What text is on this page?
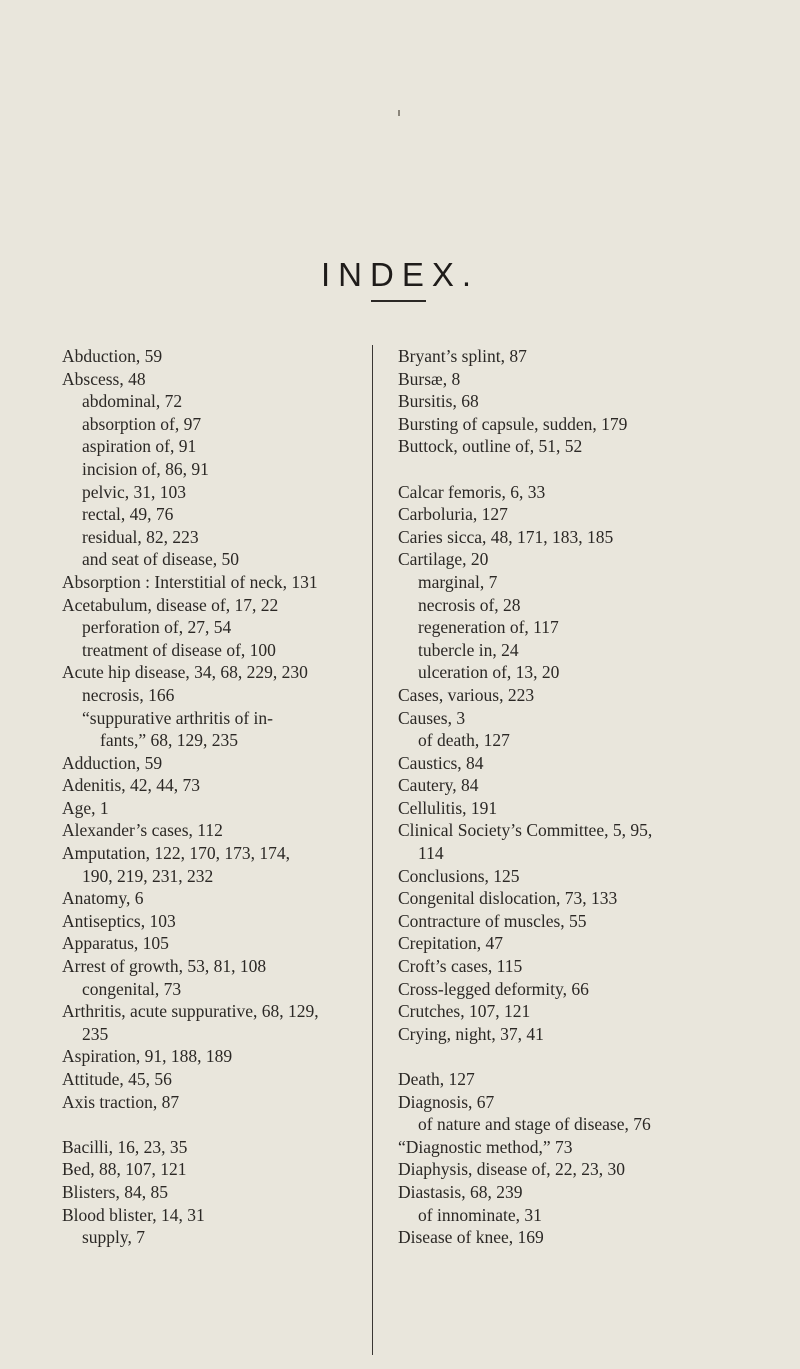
INDEX.
Abduction, 59
Abscess, 48
abdominal, 72
absorption of, 97
aspiration of, 91
incision of, 86, 91
pelvic, 31, 103
rectal, 49, 76
residual, 82, 223
and seat of disease, 50
Absorption : Interstitial of neck, 131
Acetabulum, disease of, 17, 22
perforation of, 27, 54
treatment of disease of, 100
Acute hip disease, 34, 68, 229, 230
necrosis, 166
“suppurative arthritis of in-
fants,” 68, 129, 235
Adduction, 59
Adenitis, 42, 44, 73
Age, 1
Alexander’s cases, 112
Amputation, 122, 170, 173, 174,
190, 219, 231, 232
Anatomy, 6
Antiseptics, 103
Apparatus, 105
Arrest of growth, 53, 81, 108
congenital, 73
Arthritis, acute suppurative, 68, 129,
235
Aspiration, 91, 188, 189
Attitude, 45, 56
Axis traction, 87
Bacilli, 16, 23, 35
Bed, 88, 107, 121
Blisters, 84, 85
Blood blister, 14, 31
supply, 7
Bryant’s splint, 87
Bursæ, 8
Bursitis, 68
Bursting of capsule, sudden, 179
Buttock, outline of, 51, 52
Calcar femoris, 6, 33
Carboluria, 127
Caries sicca, 48, 171, 183, 185
Cartilage, 20
marginal, 7
necrosis of, 28
regeneration of, 117
tubercle in, 24
ulceration of, 13, 20
Cases, various, 223
Causes, 3
of death, 127
Caustics, 84
Cautery, 84
Cellulitis, 191
Clinical Society’s Committee, 5, 95,
114
Conclusions, 125
Congenital dislocation, 73, 133
Contracture of muscles, 55
Crepitation, 47
Croft’s cases, 115
Cross-legged deformity, 66
Crutches, 107, 121
Crying, night, 37, 41
Death, 127
Diagnosis, 67
of nature and stage of disease, 76
“Diagnostic method,” 73
Diaphysis, disease of, 22, 23, 30
Diastasis, 68, 239
of innominate, 31
Disease of knee, 169
